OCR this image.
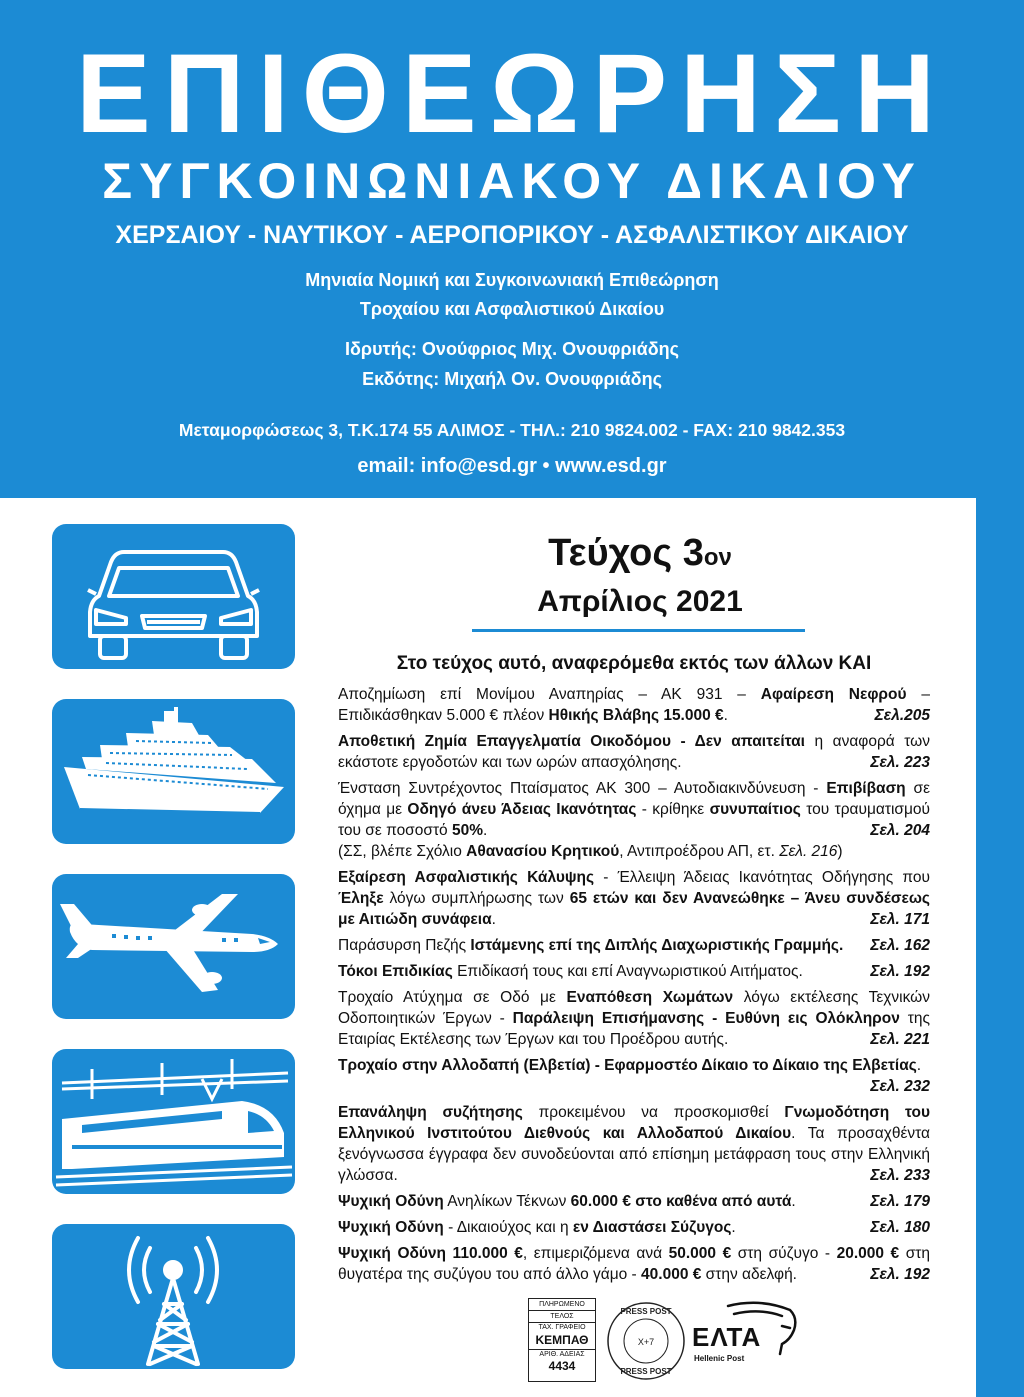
ΕΠΙΘΕΩΡΗΣΗ
ΣΥΓΚΟΙΝΩΝΙΑΚΟΥ ΔΙΚΑΙΟΥ
ΧΕΡΣΑΙΟΥ - ΝΑΥΤΙΚΟΥ - ΑΕΡΟΠΟΡΙΚΟΥ - ΑΣΦΑΛΙΣΤΙΚΟΥ ΔΙΚΑΙΟΥ
Μηνιαία Νομική και Συγκοινωνιακή Επιθεώρηση
Τροχαίου και Ασφαλιστικού Δικαίου
Ιδρυτής: Ονούφριος Μιχ. Ονουφριάδης
Εκδότης: Μιχαήλ Ον. Ονουφριάδης
Μεταμορφώσεως 3, Τ.Κ.174 55 ΑΛΙΜΟΣ - ΤΗΛ.: 210 9824.002 - FAX: 210 9842.353
email: info@esd.gr • www.esd.gr
Τεύχος 3ον
Απρίλιος 2021
Στο τεύχος αυτό, αναφερόμεθα εκτός των άλλων ΚΑΙ
Αποζημίωση επί Μονίμου Αναπηρίας – ΑΚ 931 – Αφαίρεση Νεφρού – Επιδικάσθηκαν 5.000 € πλέον Ηθικής Βλάβης 15.000 €.	Σελ.205
Αποθετική Ζημία Επαγγελματία Οικοδόμου - Δεν απαιτείται η αναφορά των εκάστοτε εργοδοτών και των ωρών απασχόλησης.	Σελ. 223
Ένσταση Συντρέχοντος Πταίσματος ΑΚ 300 – Αυτοδιακινδύνευση - Επιβίβαση σε όχημα με Οδηγό άνευ Άδειας Ικανότητας - κρίθηκε συνυπαίτιος του τραυματισμού του σε ποσοστό 50%.	Σελ. 204
(ΣΣ, βλέπε Σχόλιο Αθανασίου Κρητικού, Αντιπροέδρου ΑΠ, ετ. Σελ. 216)
Εξαίρεση Ασφαλιστικής Κάλυψης - Έλλειψη Άδειας Ικανότητας Οδήγησης που Έληξε λόγω συμπλήρωσης των 65 ετών και δεν Ανανεώθηκε – Άνευ συνδέσεως με Αιτιώδη συνάφεια.	Σελ. 171
Παράσυρση Πεζής Ιστάμενης επί της Διπλής Διαχωριστικής Γραμμής. Σελ. 162
Τόκοι Επιδικίας Επιδίκασή τους και επί Αναγνωριστικού Αιτήματος.	Σελ. 192
Τροχαίο Ατύχημα σε Οδό με Εναπόθεση Χωμάτων λόγω εκτέλεσης Τεχνικών Οδοποιητικών Έργων - Παράλειψη Επισήμανσης - Ευθύνη εις Ολόκληρον της Εταιρίας Εκτέλεσης των Έργων και του Προέδρου αυτής.	Σελ. 221
Τροχαίο στην Αλλοδαπή (Ελβετία) - Εφαρμοστέο Δίκαιο το Δίκαιο της Ελβετίας.
Σελ. 232
Επανάληψη συζήτησης προκειμένου να προσκομισθεί Γνωμοδότηση του Ελληνικού Ινστιτούτου Διεθνούς και Αλλοδαπού Δικαίου. Τα προσαχθέντα ξενόγνωσσα έγγραφα δεν συνοδεύονται από επίσημη μετάφραση τους στην Ελληνική γλώσσα.	Σελ. 233
Ψυχική Οδύνη Ανηλίκων Τέκνων 60.000 € στο καθένα από αυτά.	Σελ. 179
Ψυχική Οδύνη - Δικαιούχος και η εν Διαστάσει Σύζυγος.	Σελ. 180
Ψυχική Οδύνη 110.000 €, επιμεριζόμενα ανά 50.000 € στη σύζυγο - 20.000 € στη θυγατέρα της συζύγου του από άλλο γάμο - 40.000 € στην αδελφή.	Σελ. 192
ΠΛΗΡΩΜΕΝΟ
ΤΕΛΟΣ
ΤΑΧ. ΓΡΑΦΕΙΟ
ΚΕΜΠΑΘ
ΑΡΙΘ. ΑΔΕΙΑΣ
4434
PRESS POST
Χ+7
PRESS POST
ΕΛΤΑ
Hellenic Post
